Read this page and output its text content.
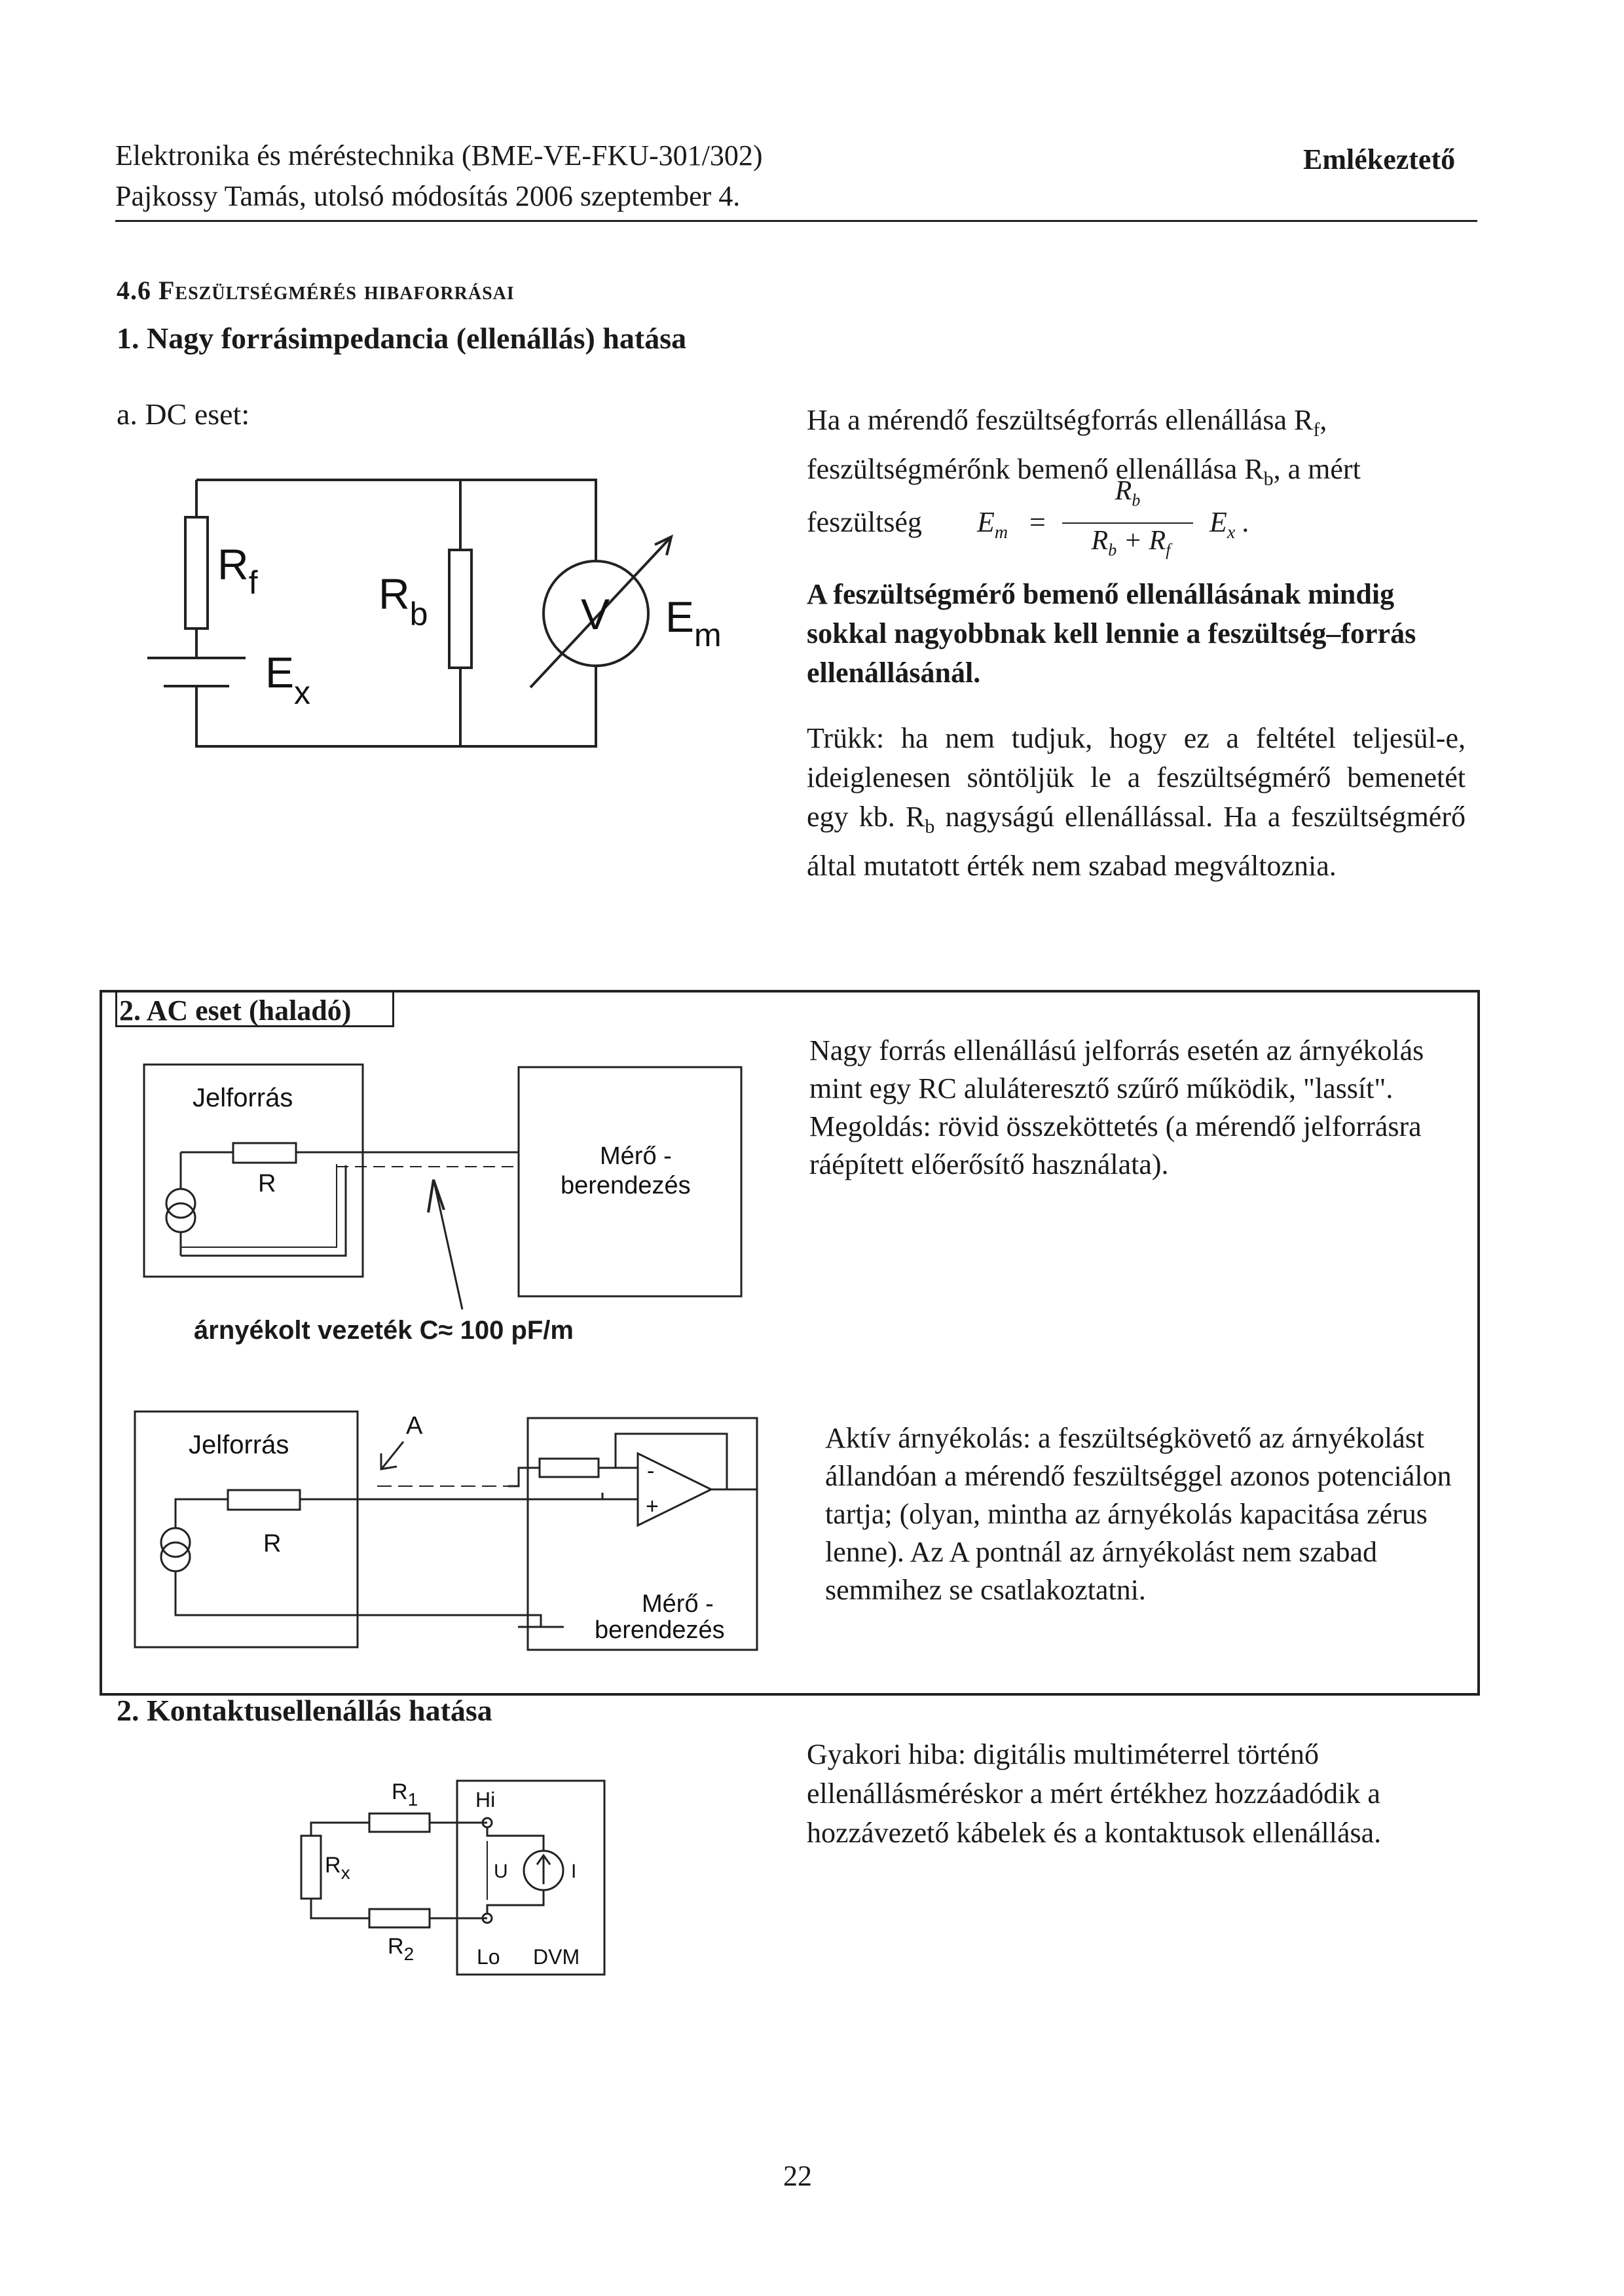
Elektronika és méréstechnika (BME-VE-FKU-301/302)
Pajkossy Tamás, utolsó módosítás 2006 szeptember 4.
Emlékeztető
4.6 Feszültségmérés hibaforrásai
1. Nagy forrásimpedancia (ellenállás) hatása
a. DC eset:
$R_f$	$R_b$
$E_x$
V $E_m$
Ha a mérendő feszültségforrás ellenállása $R_f$,
feszültségmérőnk bemenő ellenállása $R_b$, a mért
feszültség $E_m$ =
$R_b$
$R_b + R_f$
$E_x$ .
A feszültségmérő bemenő ellenállásának mindig sokkal nagyobbnak kell lennie a feszültség–forrás ellenállásánál.
Trükk: ha nem tudjuk, hogy ez a feltétel teljesül-e, ideiglenesen söntöljük le a feszültségmérő bemenetét egy kb. $R_b$ nagyságú ellenállással. Ha a feszültségmérő által mutatott érték nem szabad megváltoznia.
2. AC eset (haladó)
Nagy forrás ellenállású jelforrás esetén az árnyékolás mint egy RC aluláteresztő szűrő működik, "lassít". Megoldás: rövid összeköttetés (a mérendő jelforrásra ráépített előerősítő használata).
Jelforrás
R
Mérő -
berendezés
árnyékolt vezeték C≈ 100 pF/m
Jelforrás
R
A
-
+
Mérő -
berendezés
Aktív árnyékolás: a feszültségkövető az árnyékolást állandóan a mérendő feszültséggel azonos potenciálon tartja; (olyan, mintha az árnyékolás kapacitása zérus lenne). Az A pontnál az árnyékolást nem szabad semmihez se csatlakoztatni.
2. Kontaktusellenállás hatása
Gyakori hiba: digitális multiméterrel történő ellenállásméréskor a mért értékhez hozzáadódik a hozzávezető kábelek és a kontaktusok ellenállása.
$R_1$
$R_x$
$R_2$
Hi
Lo DVM
U	I
22
